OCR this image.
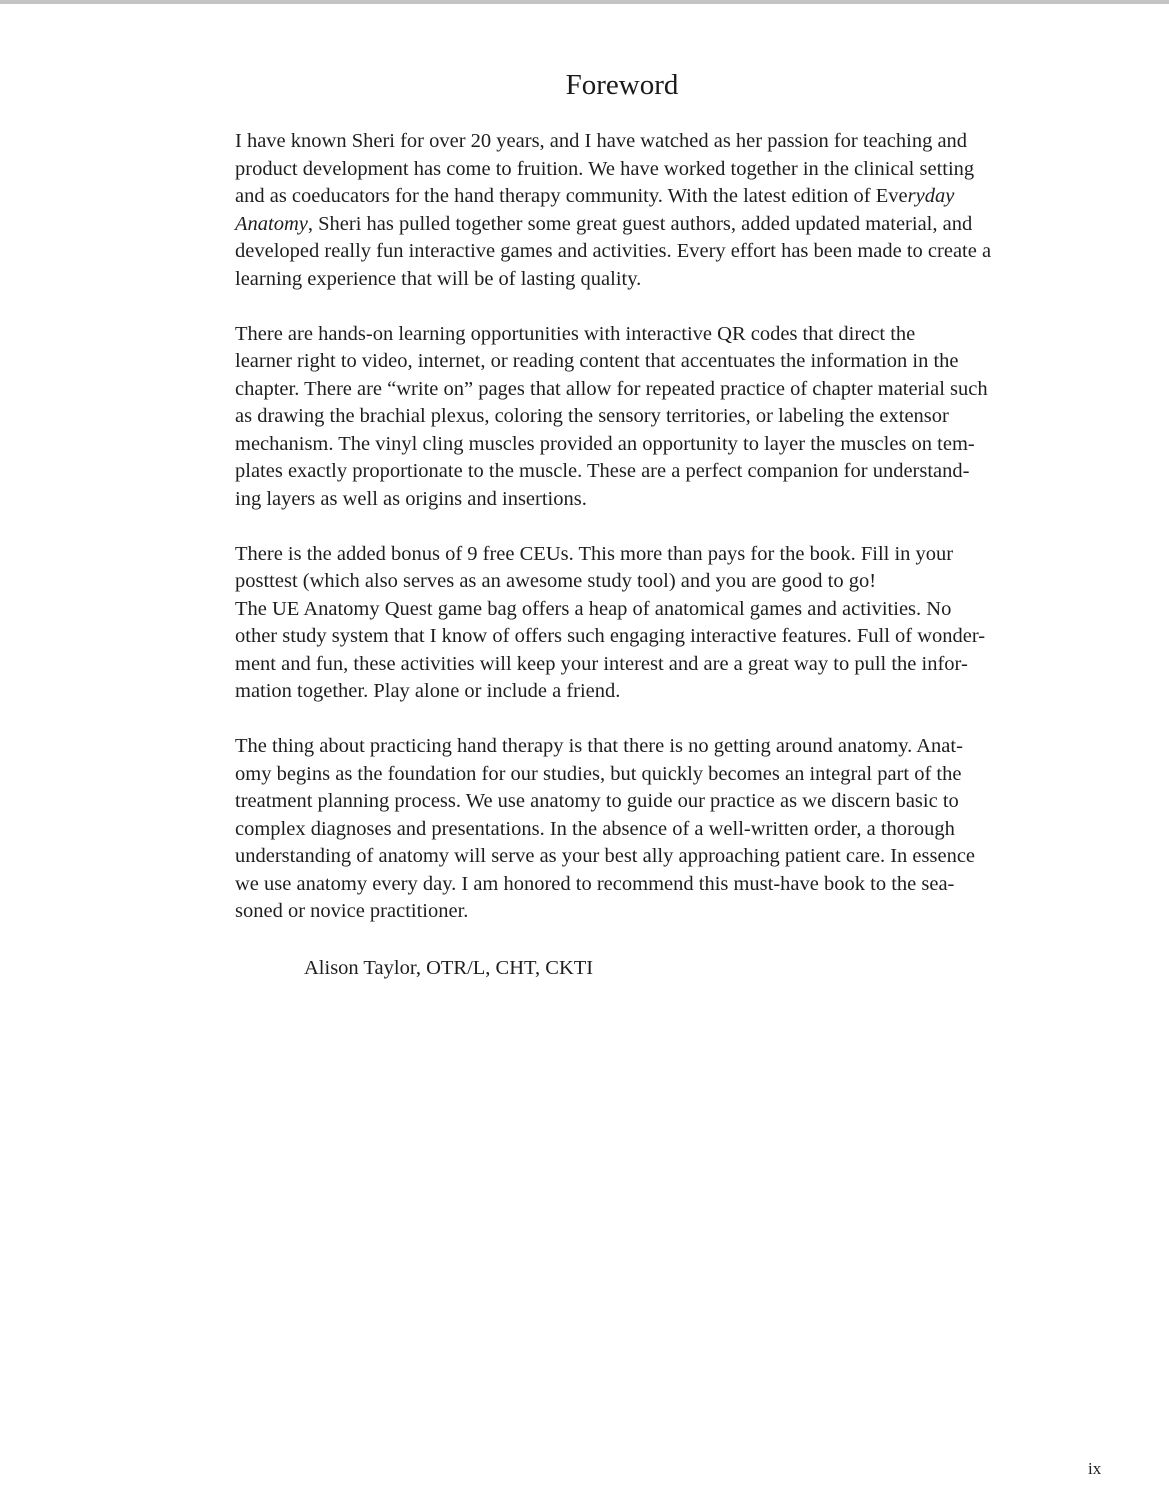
Foreword

I have known Sheri for over 20 years, and I have watched as her passion for teaching and
product development has come to fruition. We have worked together in the clinical setting
and as coeducators for the hand therapy community. With the latest edition of Everyday
Anatomy, Sheri has pulled together some great guest authors, added updated material, and
developed really fun interactive games and activities. Every effort has been made to create a
learning experience that will be of lasting quality.

There are hands-on learning opportunities with interactive QR codes that direct the
learner right to video, internet, or reading content that accentuates the information in the
chapter. There are “write on” pages that allow for repeated practice of chapter material such
as drawing the brachial plexus, coloring the sensory territories, or labeling the extensor
mechanism. The vinyl cling muscles provided an opportunity to layer the muscles on tem-
plates exactly proportionate to the muscle. These are a perfect companion for understand-
ing layers as well as origins and insertions.

There is the added bonus of 9 free CEUs. This more than pays for the book. Fill in your
posttest (which also serves as an awesome study tool) and you are good to go!
The UE Anatomy Quest game bag offers a heap of anatomical games and activities. No
other study system that I know of offers such engaging interactive features. Full of wonder-
ment and fun, these activities will keep your interest and are a great way to pull the infor-
mation together. Play alone or include a friend.

The thing about practicing hand therapy is that there is no getting around anatomy. Anat-
omy begins as the foundation for our studies, but quickly becomes an integral part of the
treatment planning process. We use anatomy to guide our practice as we discern basic to
complex diagnoses and presentations. In the absence of a well-written order, a thorough
understanding of anatomy will serve as your best ally approaching patient care. In essence
we use anatomy every day. I am honored to recommend this must-have book to the sea-
soned or novice practitioner.

Alison Taylor, OTR/L, CHT, CKTI
ix
